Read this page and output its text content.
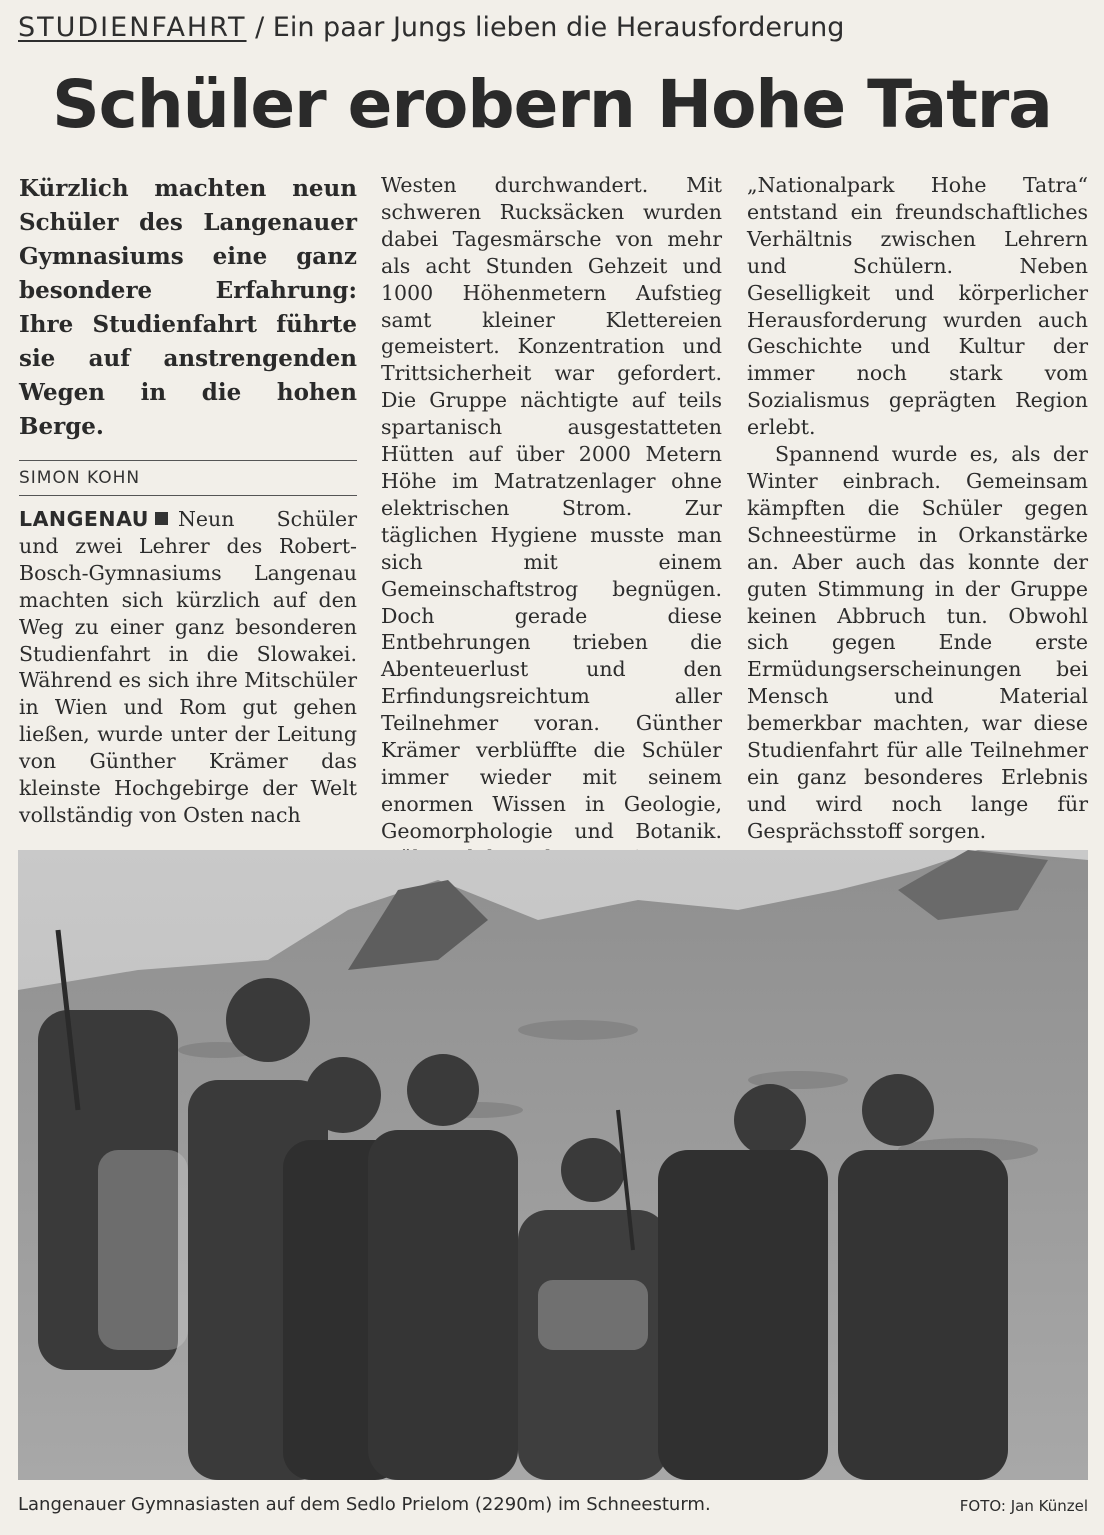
STUDIENFAHRT / Ein paar Jungs lieben die Herausforderung
Schüler erobern Hohe Tatra

Kürzlich machten neun Schüler des Langenauer Gymnasiums eine ganz besondere Erfahrung: Ihre Studienfahrt führte sie auf anstrengenden Wegen in die hohen Berge.

SIMON KOHN

LANGENAU Neun Schüler und zwei Lehrer des Robert-Bosch-Gymnasiums Langenau machten sich kürzlich auf den Weg zu einer ganz besonderen Studienfahrt in die Slowakei. Während es sich ihre Mitschüler in Wien und Rom gut gehen ließen, wurde unter der Leitung von Günther Krämer das kleinste Hochgebirge der Welt vollständig von Osten nach

Westen durchwandert. Mit schweren Rucksäcken wurden dabei Tagesmärsche von mehr als acht Stunden Gehzeit und 1000 Höhenmetern Aufstieg samt kleiner Klettereien gemeistert. Konzentration und Trittsicherheit war gefordert. Die Gruppe nächtigte auf teils spartanisch ausgestatteten Hütten auf über 2000 Metern Höhe im Matratzenlager ohne elektrischen Strom. Zur täglichen Hygiene musste man sich mit einem Gemeinschaftstrog begnügen. Doch gerade diese Entbehrungen trieben die Abenteuerlust und den Erfindungsreichtum aller Teilnehmer voran. Günther Krämer verblüffte die Schüler immer wieder mit seinem enormen Wissen in Geologie, Geomorphologie und Botanik.

„Nationalpark Hohe Tatra“ entstand ein freundschaftliches Verhältnis zwischen Lehrern und Schülern. Neben Geselligkeit und körperlicher Herausforderung wurden auch Geschichte und Kultur der immer noch stark vom Sozialismus geprägten Region erlebt.

Spannend wurde es, als der Winter einbrach. Gemeinsam kämpften die Schüler gegen Schneestürme in Orkanstärke an. Aber auch das konnte der guten Stimmung in der Gruppe keinen Abbruch tun. Obwohl sich gegen Ende erste Ermüdungserscheinungen bei Mensch und Material bemerkbar machten, war diese Studienfahrt für alle Teilnehmer ein ganz besonderes Erlebnis und wird noch lange für Gesprächsstoff sorgen.

Langenauer Gymnasiasten auf dem Sedlo Prielom (2290m) im Schneesturm.	FOTO: Jan Künzel
